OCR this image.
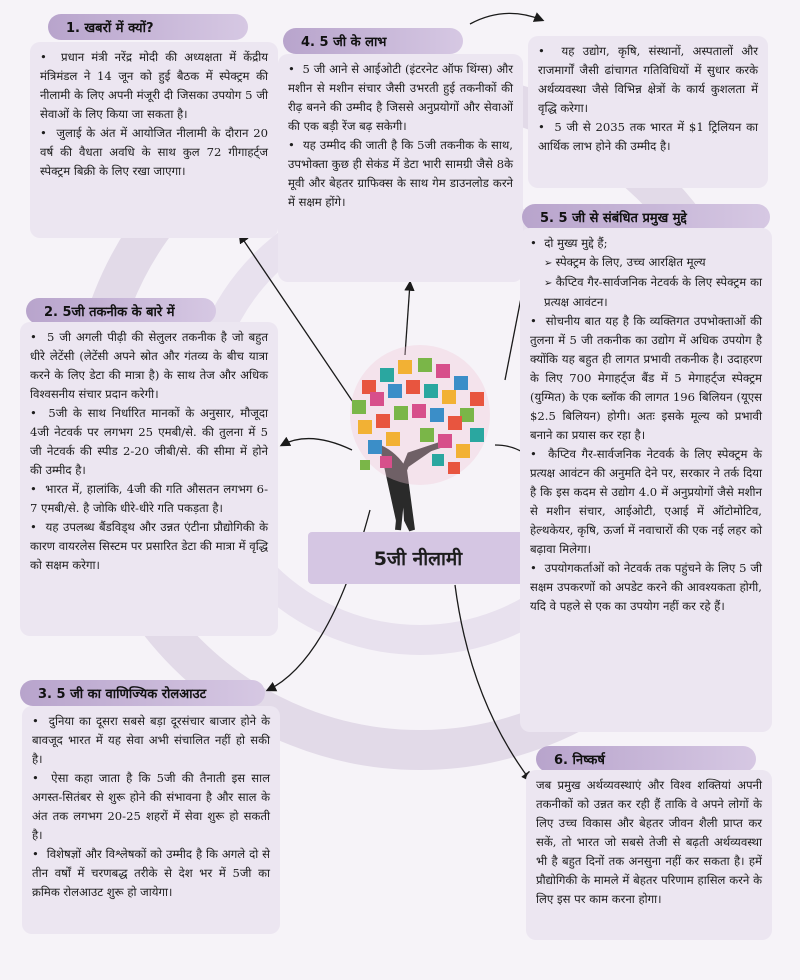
5जी नीलामी
1. खबरों में क्यों?

•  प्रधान मंत्री नरेंद्र मोदी की अध्यक्षता में केंद्रीय मंत्रिमंडल ने 14 जून को हुई बैठक में स्पेक्ट्रम की नीलामी के लिए अपनी मंजूरी दी जिसका उपयोग 5 जी सेवाओं के लिए किया जा सकता है।

•  जुलाई के अंत में आयोजित नीलामी के दौरान 20 वर्ष की वैधता अवधि के साथ कुल 72 गीगाहर्ट्ज स्पेक्ट्रम बिक्री के लिए रखा जाएगा।

4. 5 जी के लाभ

•  5 जी आने से आईओटी (इंटरनेट ऑफ थिंग्स) और मशीन से मशीन संचार जैसी उभरती हुई तकनीकों की रीढ़ बनने की उम्मीद है जिससे अनुप्रयोगों और सेवाओं की एक बड़ी रेंज बढ़ सकेगी।

•  यह उम्मीद की जाती है कि 5जी तकनीक के साथ, उपभोक्ता कुछ ही सेकंड में डेटा भारी सामग्री जैसे 8के मूवी और बेहतर ग्राफिक्स के साथ गेम डाउनलोड करने में सक्षम होंगे।

•  यह उद्योग, कृषि, संस्थानों, अस्पतालों और राजमार्गों जैसी ढांचागत गतिविधियों में सुधार करके अर्थव्यवस्था जैसे विभिन्न क्षेत्रों के कार्य कुशलता में वृद्धि करेगा।

•  5 जी से 2035 तक भारत में $1 ट्रिलियन का आर्थिक लाभ होने की उम्मीद है।

2. 5जी तकनीक के बारे में

•  5 जी अगली पीढ़ी की सेलुलर तकनीक है जो बहुत धीरे लेटेंसी (लेटेंसी अपने स्रोत और गंतव्य के बीच यात्रा करने के लिए डेटा की मात्रा है) के साथ तेज और अधिक विश्वसनीय संचार प्रदान करेगी।

•  5जी के साथ निर्धारित मानकों के अनुसार, मौजूदा 4जी नेटवर्क पर लगभग 25 एमबी/से. की तुलना में 5 जी नेटवर्क की स्पीड 2-20 जीबी/से. की सीमा में होने की उम्मीद है।

•  भारत में, हालांकि, 4जी की गति औसतन लगभग 6-7 एमबी/से. है जोकि धीरे-धीरे गति पकड़ता है।

•  यह उपलब्ध बैंडविड्थ और उन्नत एंटीना प्रौद्योगिकी के कारण वायरलेस सिस्टम पर प्रसारित डेटा की मात्रा में वृद्धि को सक्षम करेगा।

3. 5 जी का वाणिज्यिक रोलआउट

•  दुनिया का दूसरा सबसे बड़ा दूरसंचार बाजार होने के बावजूद भारत में यह सेवा अभी संचालित नहीं हो सकी है।

•  ऐसा कहा जाता है कि 5जी की तैनाती इस साल अगस्त-सितंबर से शुरू होने की संभावना है और साल के अंत तक लगभग 20-25 शहरों में सेवा शुरू हो सकती है।

•  विशेषज्ञों और विश्लेषकों को उम्मीद है कि अगले दो से तीन वर्षों में चरणबद्ध तरीके से देश भर में 5जी का क्रमिक रोलआउट शुरू हो जायेगा।

5. 5 जी से संबंधित प्रमुख मुद्दे

•  दो मुख्य मुद्दे हैं;

➢ स्पेक्ट्रम के लिए, उच्च आरक्षित मूल्य

➢ कैप्टिव गैर-सार्वजनिक नेटवर्क के लिए स्पेक्ट्रम का प्रत्यक्ष आवंटन।

•  सोचनीय बात यह है कि व्यक्तिगत उपभोक्ताओं की तुलना में 5 जी तकनीक का उद्योग में अधिक उपयोग है क्योंकि यह बहुत ही लागत प्रभावी तकनीक है। उदाहरण के लिए 700 मेगाहर्ट्ज बैंड में 5 मेगाहर्ट्ज स्पेक्ट्रम (युग्मित) के एक ब्लॉक की लागत 196 बिलियन (यूएस $2.5 बिलियन) होगी। अतः इसके मूल्य को प्रभावी बनाने का प्रयास कर रहा है।

•  कैप्टिव गैर-सार्वजनिक नेटवर्क के लिए स्पेक्ट्रम के प्रत्यक्ष आवंटन की अनुमति देने पर, सरकार ने तर्क दिया है कि इस कदम से उद्योग 4.0 में अनुप्रयोगों जैसे मशीन से मशीन संचार, आईओटी, एआई में ऑटोमोटिव, हेल्थकेयर, कृषि, ऊर्जा में नवाचारों की एक नई लहर को बढ़ावा मिलेगा।

•  उपयोगकर्ताओं को नेटवर्क तक पहुंचने के लिए 5 जी सक्षम उपकरणों को अपडेट करने की आवश्यकता होगी, यदि वे पहले से एक का उपयोग नहीं कर रहे हैं।

6. निष्कर्ष

जब प्रमुख अर्थव्यवस्थाएं और विश्व शक्तियां अपनी तकनीकों को उन्नत कर रही हैं ताकि वे अपने लोगों के लिए उच्च विकास और बेहतर जीवन शैली प्राप्त कर सकें, तो भारत जो सबसे तेजी से बढ़ती अर्थव्यवस्था भी है बहुत दिनों तक अनसुना नहीं कर सकता है। हमें प्रौद्योगिकी के मामले में बेहतर परिणाम हासिल करने के लिए इस पर काम करना होगा।
